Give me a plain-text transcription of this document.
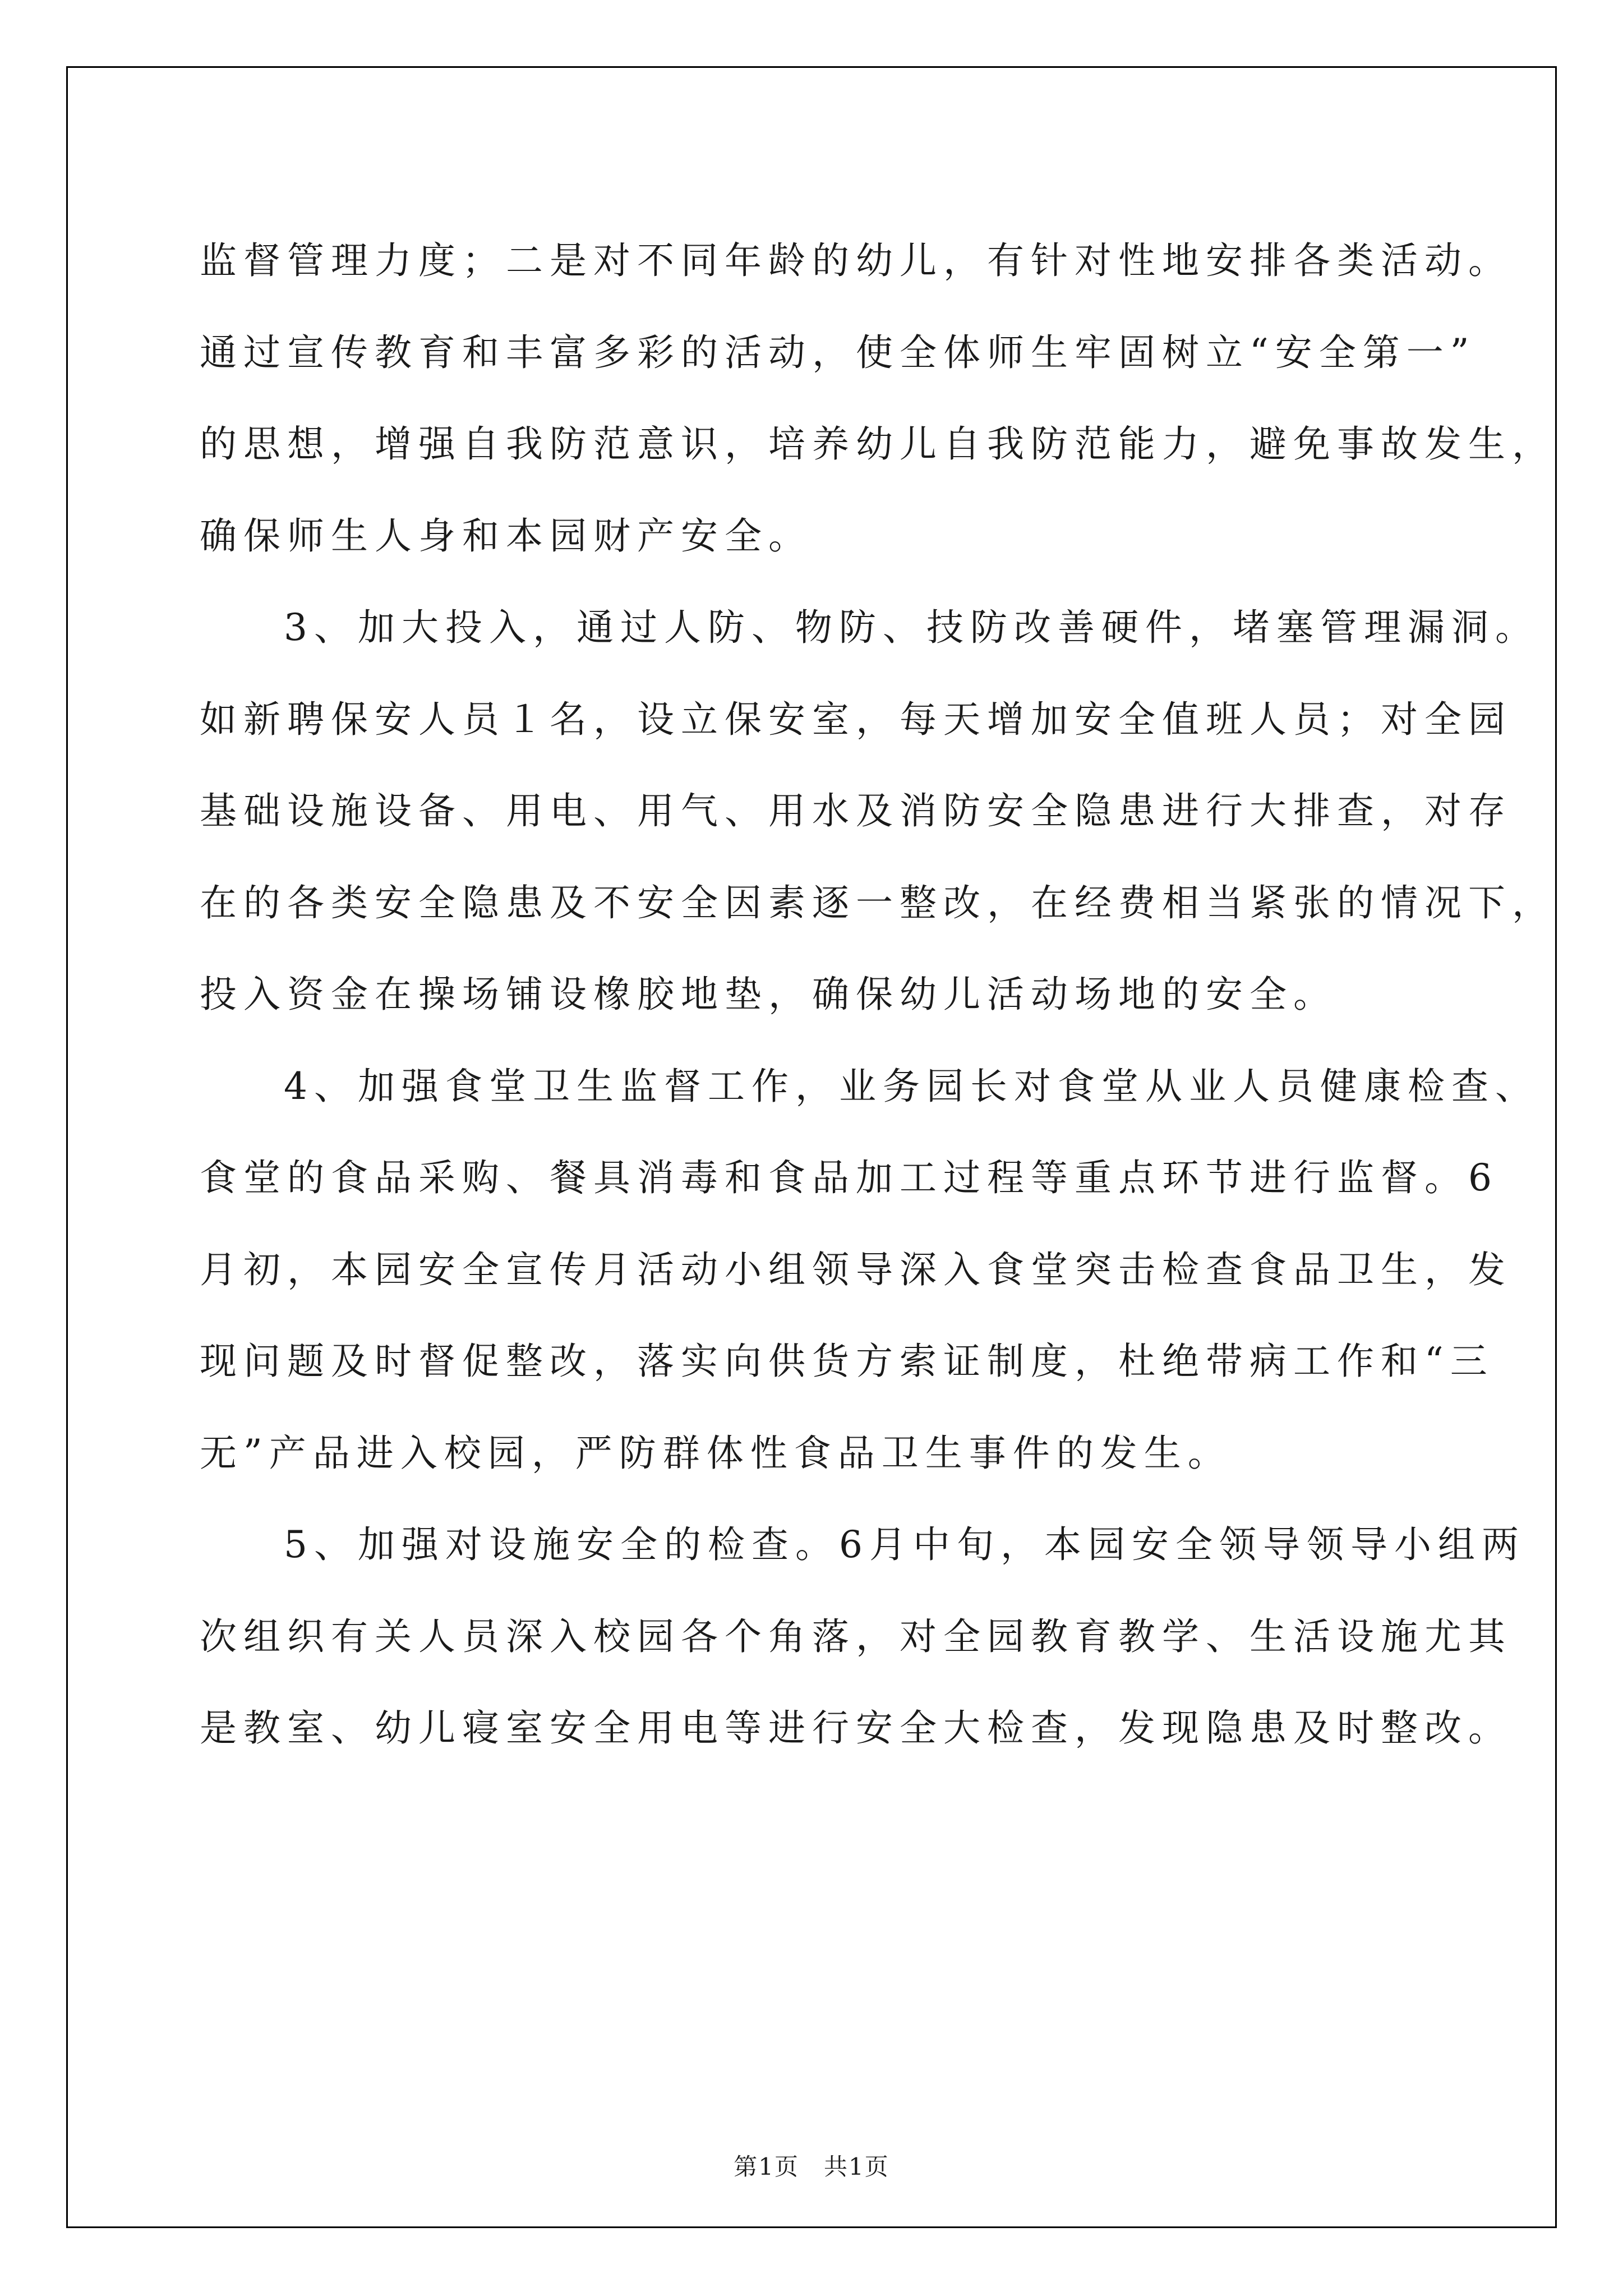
监督管理力度；二是对不同年龄的幼儿，有针对性地安排各类活动。
通过宣传教育和丰富多彩的活动，使全体师生牢固树立“安全第一”
的思想，增强自我防范意识，培养幼儿自我防范能力，避免事故发生，
确保师生人身和本园财产安全。
3、加大投入，通过人防、物防、技防改善硬件，堵塞管理漏洞。
如新聘保安人员１名，设立保安室，每天增加安全值班人员；对全园
基础设施设备、用电、用气、用水及消防安全隐患进行大排查，对存
在的各类安全隐患及不安全因素逐一整改，在经费相当紧张的情况下，
投入资金在操场铺设橡胶地垫，确保幼儿活动场地的安全。
4、加强食堂卫生监督工作，业务园长对食堂从业人员健康检查、
食堂的食品采购、餐具消毒和食品加工过程等重点环节进行监督。6
月初，本园安全宣传月活动小组领导深入食堂突击检查食品卫生，发
现问题及时督促整改，落实向供货方索证制度，杜绝带病工作和“三
无”产品进入校园，严防群体性食品卫生事件的发生。
5、加强对设施安全的检查。6月中旬，本园安全领导领导小组两
次组织有关人员深入校园各个角落，对全园教育教学、生活设施尤其
是教室、幼儿寝室安全用电等进行安全大检查，发现隐患及时整改。
第1页 共1页
